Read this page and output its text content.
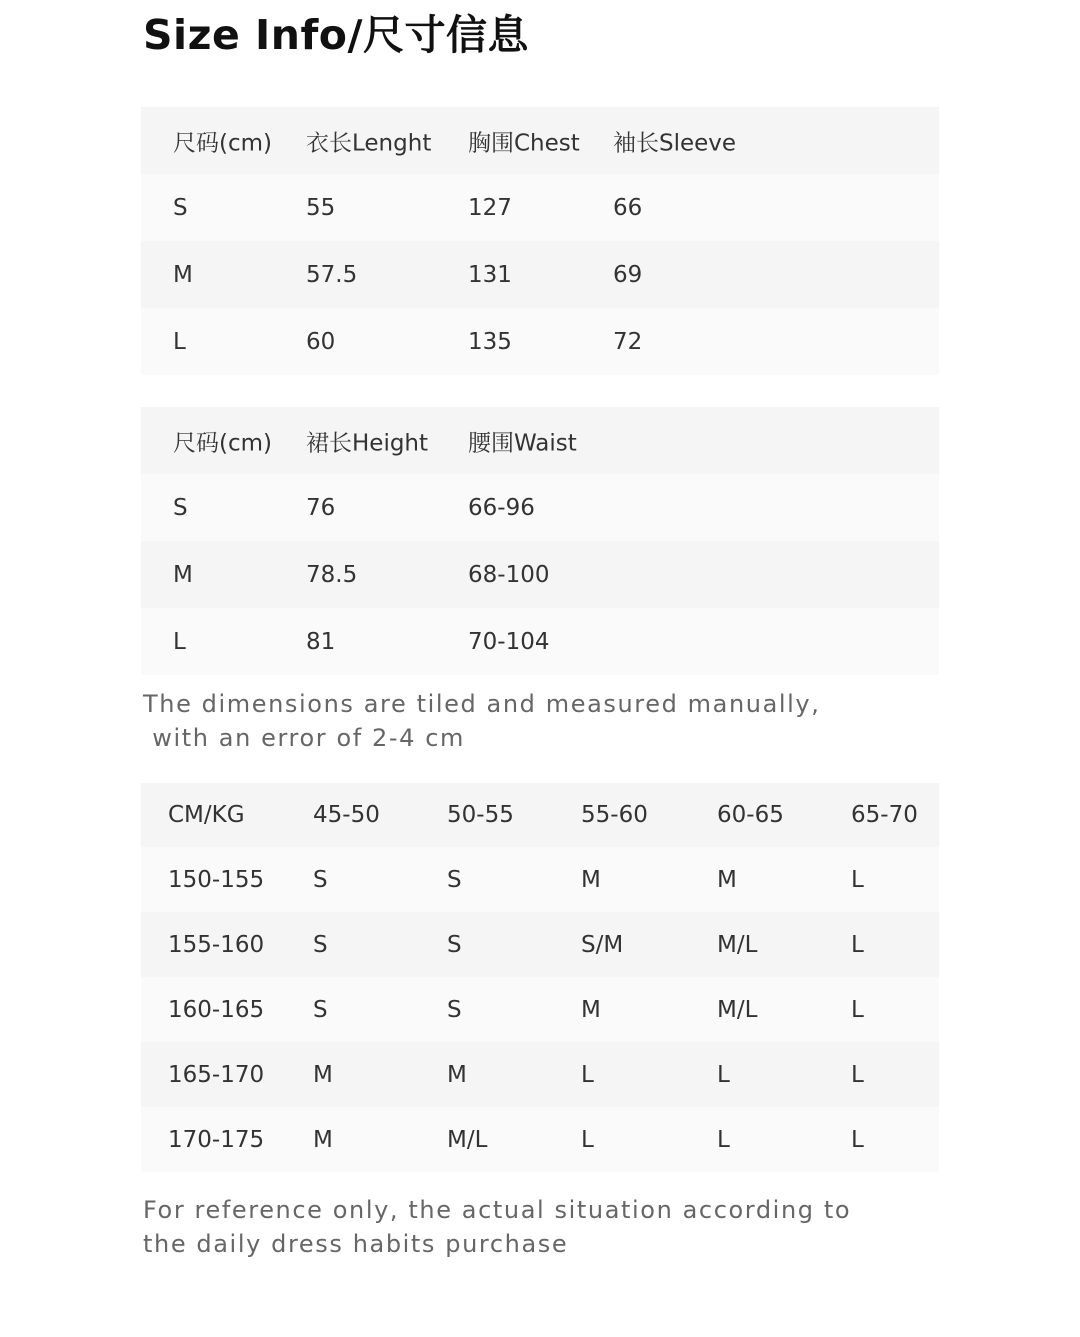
Size Info/尺寸信息
尺码(cm) 衣长Lenght 胸围Chest 袖长Sleeve
S	55	127	66
M	57.5	131	69
L	60	135	72
尺码(cm) 裙长Height 腰围Waist
S	76	66-96
M	78.5	68-100
L	81	70-104

The dimensions are tiled and measured manually,
with an error of 2-4 cm

CM/KG	45-50	50-55	55-60	60-65	65-70
150-155 S	S	M	M	L
155-160 S	S	S/M	M/L	L
160-165 S	S	M	M/L	L
165-170 M	M	L	L	L
170-175 M	M/L	L	L	L

For reference only, the actual situation according to
the daily dress habits purchase
